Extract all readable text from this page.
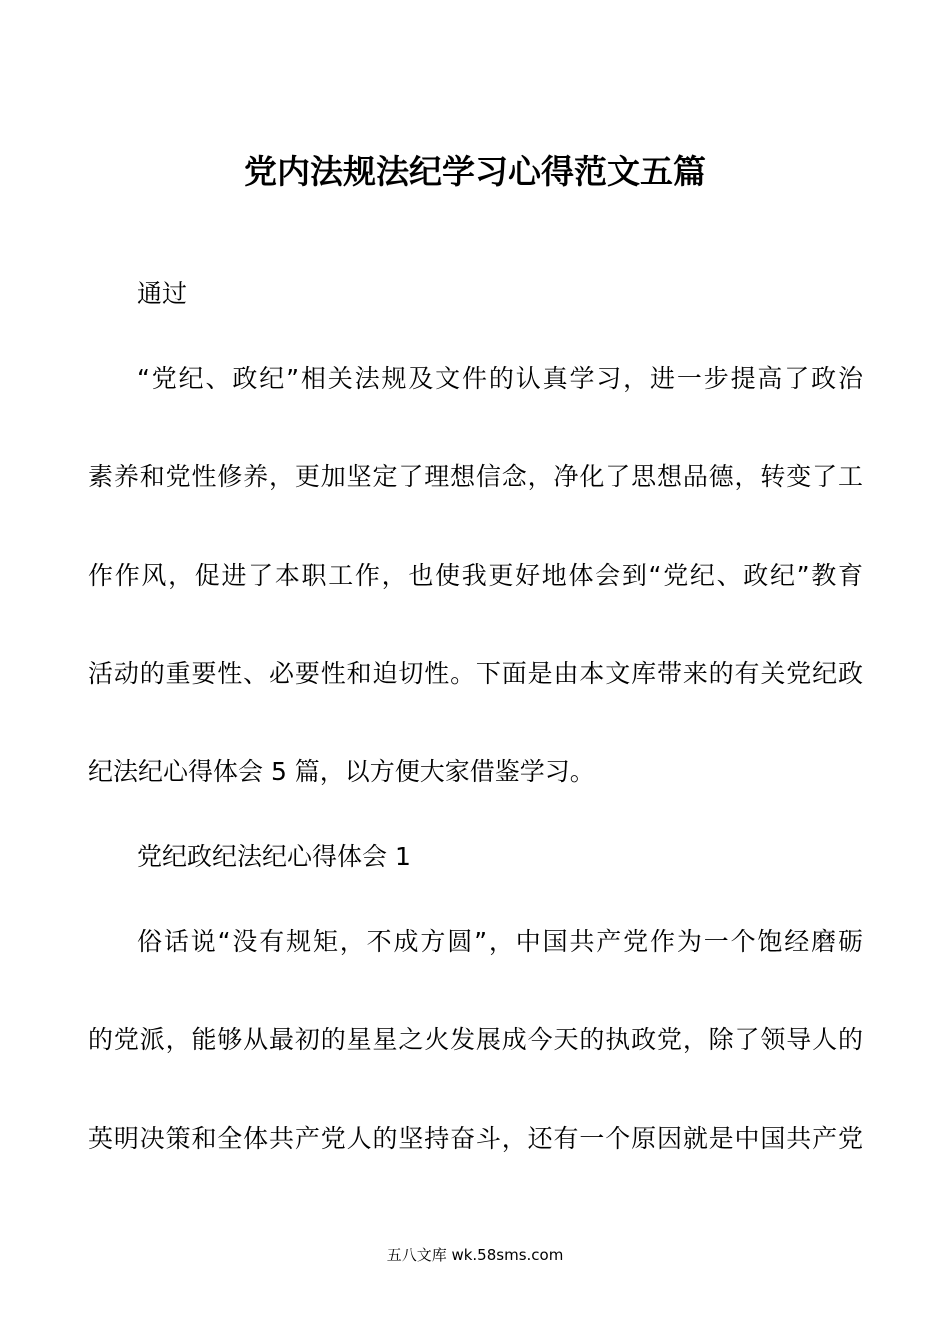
党内法规法纪学习心得范文五篇
通过
“党纪、政纪”相关法规及文件的认真学习，进一步提高了政治
素养和党性修养，更加坚定了理想信念，净化了思想品德，转变了工
作作风，促进了本职工作，也使我更好地体会到“党纪、政纪”教育
活动的重要性、必要性和迫切性。下面是由本文库带来的有关党纪政
纪法纪心得体会 5 篇，以方便大家借鉴学习。
党纪政纪法纪心得体会 1
俗话说“没有规矩，不成方圆”，中国共产党作为一个饱经磨砺
的党派，能够从最初的星星之火发展成今天的执政党，除了领导人的
英明决策和全体共产党人的坚持奋斗，还有一个原因就是中国共产党
五八文库 wk.58sms.com
